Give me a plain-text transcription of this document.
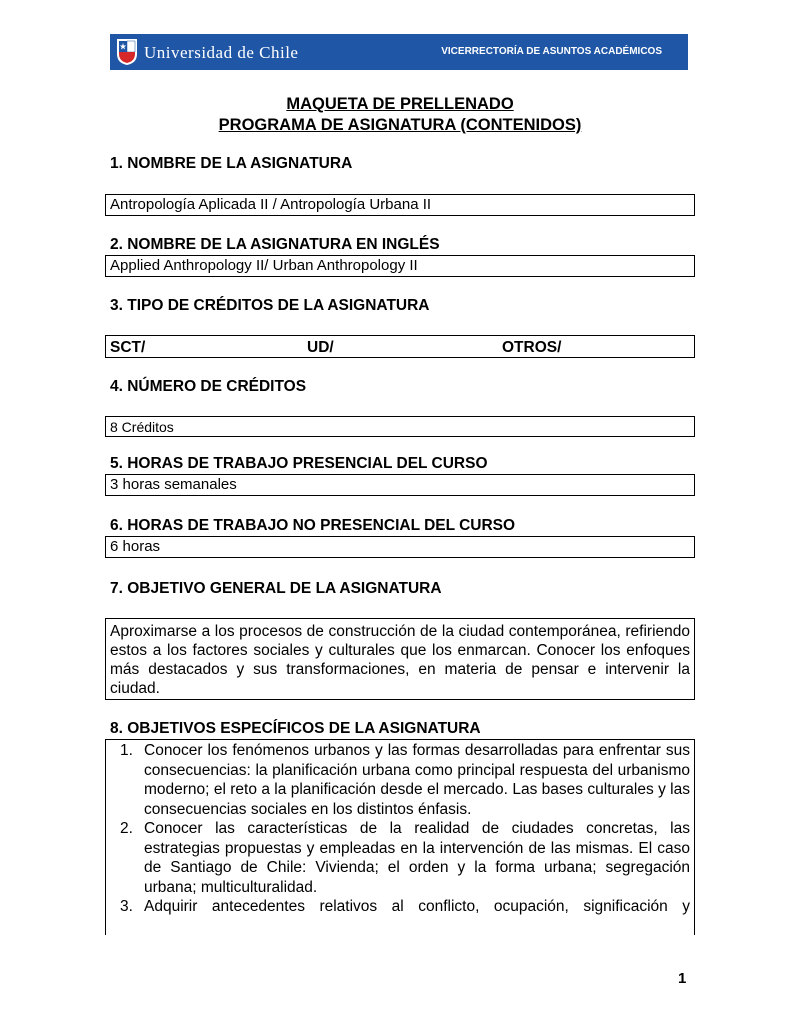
Universidad de Chile	VICERRECTORÍA DE ASUNTOS ACADÉMICOS
MAQUETA DE PRELLENADO
PROGRAMA DE ASIGNATURA (CONTENIDOS)
1. NOMBRE DE LA ASIGNATURA
Antropología Aplicada II / Antropología Urbana II
2. NOMBRE DE LA ASIGNATURA EN INGLÉS
Applied Anthropology II/ Urban Anthropology II
3. TIPO DE CRÉDITOS DE LA ASIGNATURA
SCT/	UD/	OTROS/
4. NÚMERO DE CRÉDITOS
8 Créditos
5. HORAS DE TRABAJO PRESENCIAL DEL CURSO
3 horas semanales
6. HORAS DE TRABAJO NO PRESENCIAL DEL CURSO
6 horas
7. OBJETIVO GENERAL DE LA ASIGNATURA
Aproximarse a los procesos de construcción de la ciudad contemporánea, refiriendo estos a los factores sociales y culturales que los enmarcan. Conocer los enfoques más destacados y sus transformaciones, en materia de pensar e intervenir la ciudad.
8. OBJETIVOS ESPECÍFICOS DE LA ASIGNATURA
1. Conocer los fenómenos urbanos y las formas desarrolladas para enfrentar sus consecuencias: la planificación urbana como principal respuesta del urbanismo moderno; el reto a la planificación desde el mercado. Las bases culturales y las consecuencias sociales en los distintos énfasis.
2. Conocer las características de la realidad de ciudades concretas, las estrategias propuestas y empleadas en la intervención de las mismas. El caso de Santiago de Chile: Vivienda; el orden y la forma urbana; segregación urbana; multiculturalidad.
3. Adquirir antecedentes relativos al conflicto, ocupación, significación y
1
